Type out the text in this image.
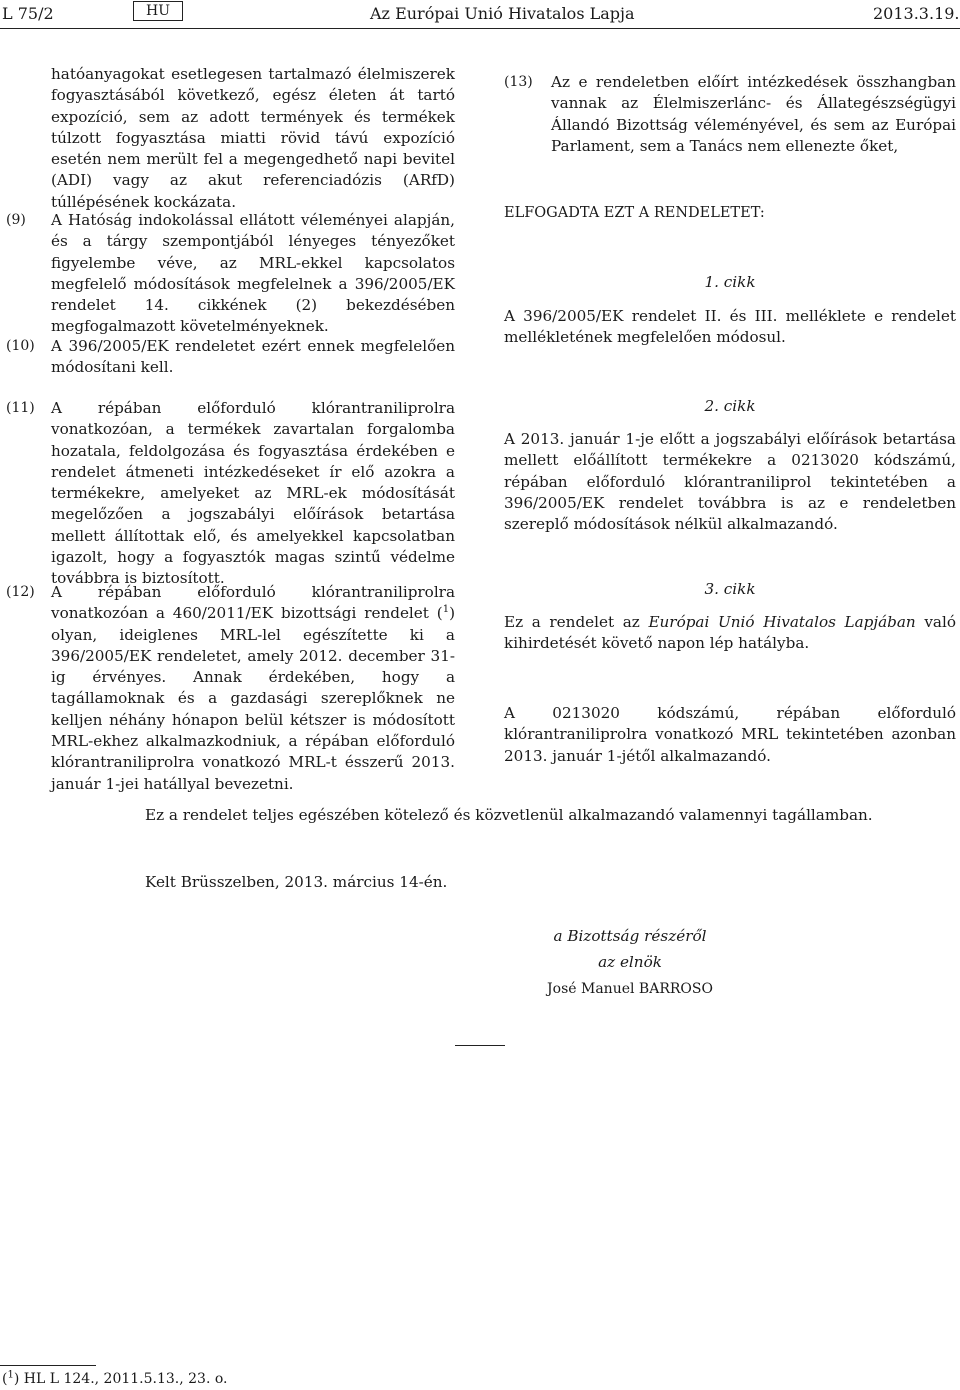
L 75/2	HU	Az Európai Unió Hivatalos Lapja	2013.3.19.

hatóanyagokat esetlegesen tartalmazó élelmiszerek fogyasztásából következő, egész életen át tartó expozíció, sem az adott termények és termékek túlzott fogyasztása miatti rövid távú expozíció esetén nem merült fel a megengedhető napi bevitel (ADI) vagy az akut referenciadózis (ARfD) túllépésének kockázata.

(9) A Hatóság indokolással ellátott véleményei alapján, és a tárgy szempontjából lényeges tényezőket figyelembe véve, az MRL-ekkel kapcsolatos megfelelő módosítások megfelelnek a 396/2005/EK rendelet 14. cikkének (2) bekezdésében megfogalmazott követelményeknek.

(10) A 396/2005/EK rendeletet ezért ennek megfelelően módosítani kell.

(11) A répában előforduló klórantraniliprolra vonatkozóan, a termékek zavartalan forgalomba hozatala, feldolgozása és fogyasztása érdekében e rendelet átmeneti intézkedéseket ír elő azokra a termékekre, amelyeket az MRL-ek módosítását megelőzően a jogszabályi előírások betartása mellett állítottak elő, és amelyekkel kapcsolatban igazolt, hogy a fogyasztók magas szintű védelme továbbra is biztosított.

(12) A répában előforduló klórantraniliprolra vonatkozóan a 460/2011/EK bizottsági rendelet ($^1$) olyan, ideiglenes MRL-lel egészítette ki a 396/2005/EK rendeletet, amely 2012. december 31-ig érvényes. Annak érdekében, hogy a tagállamoknak és a gazdasági szereplőknek ne kelljen néhány hónapon belül kétszer is módosított MRL-ekhez alkalmazkodniuk, a répában előforduló klórantraniliprolra vonatkozó MRL-t ésszerű 2013. január 1-jei hatállyal bevezetni.

(13) Az e rendeletben előírt intézkedések összhangban vannak az Élelmiszerlánc- és Állategészségügyi Állandó Bizottság véleményével, és sem az Európai Parlament, sem a Tanács nem ellenezte őket,

ELFOGADTA EZT A RENDELETET:
1. cikk

A 396/2005/EK rendelet II. és III. melléklete e rendelet mellékletének megfelelően módosul.

2. cikk

A 2013. január 1-je előtt a jogszabályi előírások betartása mellett előállított termékekre a 0213020 kódszámú, répában előforduló klórantraniliprol tekintetében a 396/2005/EK rendelet továbbra is az e rendeletben szereplő módosítások nélkül alkalmazandó.

3. cikk

Ez a rendelet az Európai Unió Hivatalos Lapjában való kihirdetését követő napon lép hatályba.

A 0213020 kódszámú, répában előforduló klórantraniliprolra vonatkozó MRL tekintetében azonban 2013. január 1-jétől alkalmazandó.

Ez a rendelet teljes egészében kötelező és közvetlenül alkalmazandó valamennyi tagállamban.
Kelt Brüsszelben, 2013. március 14-én.
a Bizottság részéről
az elnök
José Manuel BARROSO
($^1$) HL L 124., 2011.5.13., 23. o.
